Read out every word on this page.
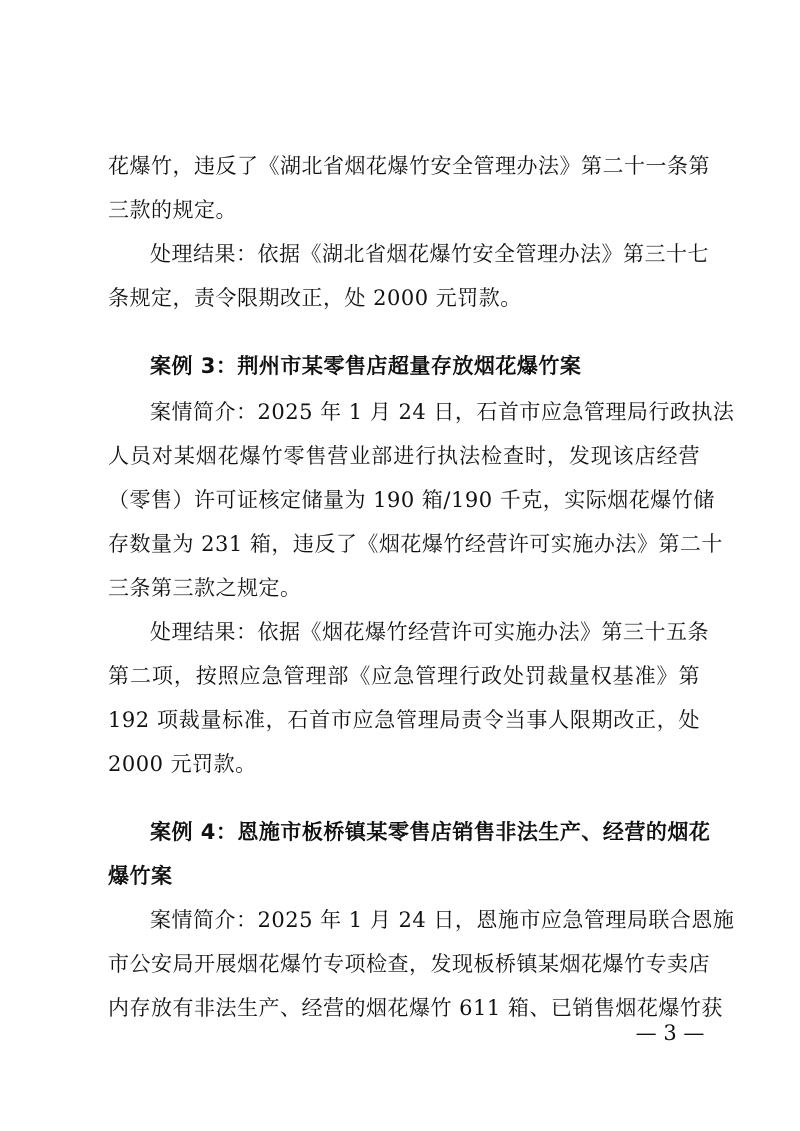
花爆竹，违反了《湖北省烟花爆竹安全管理办法》第二十一条第
三款的规定。
处理结果：依据《湖北省烟花爆竹安全管理办法》第三十七
条规定，责令限期改正，处 2000 元罚款。
案例 3：荆州市某零售店超量存放烟花爆竹案
案情简介：2025 年 1 月 24 日，石首市应急管理局行政执法
人员对某烟花爆竹零售营业部进行执法检查时，发现该店经营
（零售）许可证核定储量为 190 箱/190 千克，实际烟花爆竹储
存数量为 231 箱，违反了《烟花爆竹经营许可实施办法》第二十
三条第三款之规定。
处理结果：依据《烟花爆竹经营许可实施办法》第三十五条
第二项，按照应急管理部《应急管理行政处罚裁量权基准》第
192 项裁量标准，石首市应急管理局责令当事人限期改正，处
2000 元罚款。
案例 4：恩施市板桥镇某零售店销售非法生产、经营的烟花
爆竹案
案情简介：2025 年 1 月 24 日，恩施市应急管理局联合恩施
市公安局开展烟花爆竹专项检查，发现板桥镇某烟花爆竹专卖店
内存放有非法生产、经营的烟花爆竹 611 箱、已销售烟花爆竹获
— 3 —
